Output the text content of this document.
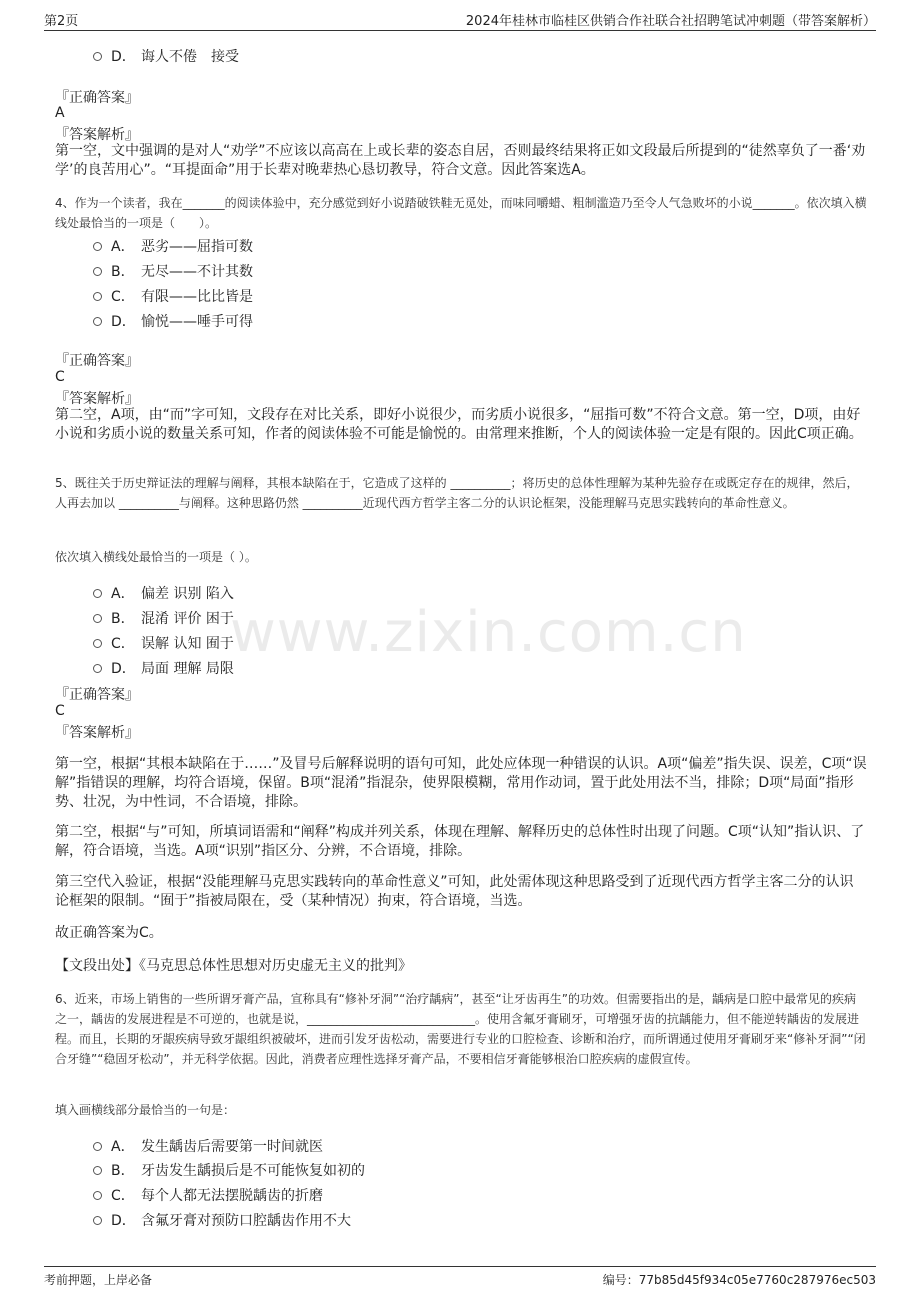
第2页	2024年桂林市临桂区供销合作社联合社招聘笔试冲刺题（带答案解析）
www.zixin.com.cn
D． 诲人不倦　接受
『正确答案』
A
『答案解析』

第一空，文中强调的是对人“劝学”不应该以高高在上或长辈的姿态自居，否则最终结果将正如文段最后所提到的“徒然辜负了一番‘劝学’的良苦用心”。“耳提面命”用于长辈对晚辈热心恳切教导，符合文意。因此答案选A。

4、作为一个读者，我在_______的阅读体验中，充分感觉到好小说踏破铁鞋无觅处，而味同嚼蜡、粗制滥造乃至令人气急败坏的小说_______。依次填入横线处最恰当的一项是（　　）。

A． 恶劣——屈指可数
B． 无尽——不计其数
C． 有限——比比皆是
D． 愉悦——唾手可得
『正确答案』
C
『答案解析』

第二空，A项，由“而”字可知，文段存在对比关系，即好小说很少，而劣质小说很多，“屈指可数”不符合文意。第一空，D项，由好小说和劣质小说的数量关系可知，作者的阅读体验不可能是愉悦的。由常理来推断，个人的阅读体验一定是有限的。因此C项正确。

5、既往关于历史辩证法的理解与阐释，其根本缺陷在于，它造成了这样的 __________；将历史的总体性理解为某种先验存在或既定存在的规律，然后，人再去加以 __________与阐释。这种思路仍然 __________近现代西方哲学主客二分的认识论框架，没能理解马克思实践转向的革命性意义。

依次填入横线处最恰当的一项是（ ）。

A． 偏差 识别 陷入
B． 混淆 评价 困于
C． 误解 认知 囿于
D． 局面 理解 局限
『正确答案』
C
『答案解析』

第一空，根据“其根本缺陷在于……”及冒号后解释说明的语句可知，此处应体现一种错误的认识。A项“偏差”指失误、误差，C项“误解”指错误的理解，均符合语境，保留。B项“混淆”指混杂，使界限模糊，常用作动词，置于此处用法不当，排除；D项“局面”指形势、壮况，为中性词，不合语境，排除。

第二空，根据“与”可知，所填词语需和“阐释”构成并列关系，体现在理解、解释历史的总体性时出现了问题。C项“认知”指认识、了解，符合语境，当选。A项“识别”指区分、分辨，不合语境，排除。

第三空代入验证，根据“没能理解马克思实践转向的革命性意义”可知，此处需体现这种思路受到了近现代西方哲学主客二分的认识论框架的限制。“囿于”指被局限在，受（某种情况）拘束，符合语境，当选。

故正确答案为C。

【文段出处】《马克思总体性思想对历史虚无主义的批判》

6、近来，市场上销售的一些所谓牙膏产品，宣称具有“修补牙洞”“治疗龋病”，甚至“让牙齿再生”的功效。但需要指出的是，龋病是口腔中最常见的疾病之一，龋齿的发展进程是不可逆的，也就是说，____________________________。使用含氟牙膏刷牙，可增强牙齿的抗龋能力，但不能逆转龋齿的发展进程。而且，长期的牙龈疾病导致牙龈组织被破坏，进而引发牙齿松动，需要进行专业的口腔检查、诊断和治疗，而所谓通过使用牙膏刷牙来“修补牙洞”“闭合牙缝”“稳固牙松动”，并无科学依据。因此，消费者应理性选择牙膏产品，不要相信牙膏能够根治口腔疾病的虚假宣传。

填入画横线部分最恰当的一句是：

A． 发生龋齿后需要第一时间就医
B． 牙齿发生龋损后是不可能恢复如初的
C． 每个人都无法摆脱龋齿的折磨
D． 含氟牙膏对预防口腔龋齿作用不大
考前押题，上岸必备	编号：77b85d45f934c05e7760c287976ec503
